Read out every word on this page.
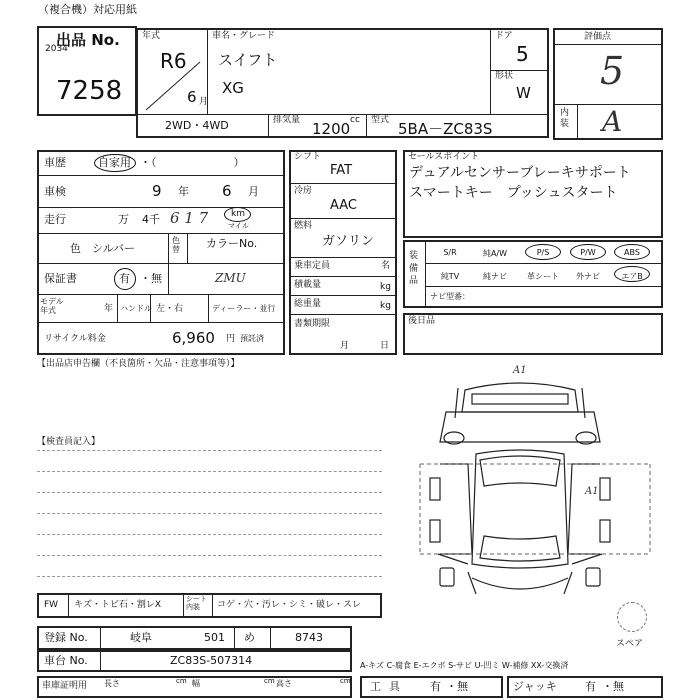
（複合機）対応用紙
出品 No.
2034
7258
年式
R6
6 月
車名・グレード
スイフト
XG
ドア
5
形状
W
2WD・4WD	排気量	cc
1200 型式 5BA－ZC83S
評価点
5
内装 A
車歴	自家用 ・（　　　　　　　）
車検	9 年 6 月
走行	万 4千 6 1 7	km
マイル
色 シルバー
色替 カラーNo.
ZMU
保証書	有 ・無
モデル年式	年 ハンドル 左・右	ディーラー・並行
リサイクル料金	6,960 円 預託済
シフト
FAT
冷房
AAC
燃料
ガソリン
乗車定員	名
積載量	kg
総重量	kg
書類期限
月	日
セールスポイント
デュアルセンサーブレーキサポート
スマートキー　プッシュスタート
装備品
S/R	純A/W	P/S	P/W	ABS
純TV	純ナビ	革シート	外ナビ	エアB
ナビ型番：
後日品
【出品店申告欄（不良箇所・欠品・注意事項等）】
【検査員記入】
A1
A1
スペア
FW キズ・トビ石・割レX
シート内装	コゲ・穴・汚レ・シミ・破レ・スレ
登録 No.	岐阜	501 め	8743
車台 No.	ZC83S-507314	A-キズ C-腐食 E-エクボ S-サビ U-凹ミ W-補修 XX-交換済
車庫証明用 長さ	cm 幅	cm 高さ	cm 工具 有 ・無	ジャッキ	有 ・無
